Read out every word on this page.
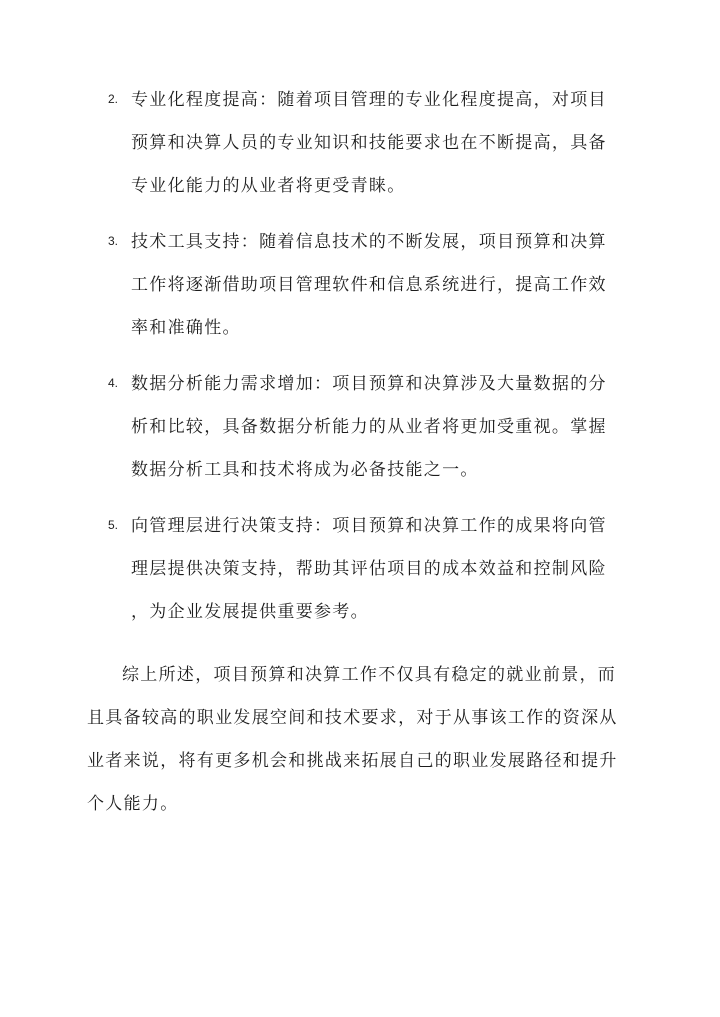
2. 专业化程度提高：随着项目管理的专业化程度提高，对项目
预算和决算人员的专业知识和技能要求也在不断提高，具备
专业化能力的从业者将更受青睐。
3. 技术工具支持：随着信息技术的不断发展，项目预算和决算
工作将逐渐借助项目管理软件和信息系统进行，提高工作效
率和准确性。
4. 数据分析能力需求增加：项目预算和决算涉及大量数据的分
析和比较，具备数据分析能力的从业者将更加受重视。掌握
数据分析工具和技术将成为必备技能之一。
5. 向管理层进行决策支持：项目预算和决算工作的成果将向管
理层提供决策支持，帮助其评估项目的成本效益和控制风险
，为企业发展提供重要参考。
综上所述，项目预算和决算工作不仅具有稳定的就业前景，而
且具备较高的职业发展空间和技术要求，对于从事该工作的资深从
业者来说，将有更多机会和挑战来拓展自己的职业发展路径和提升
个人能力。
